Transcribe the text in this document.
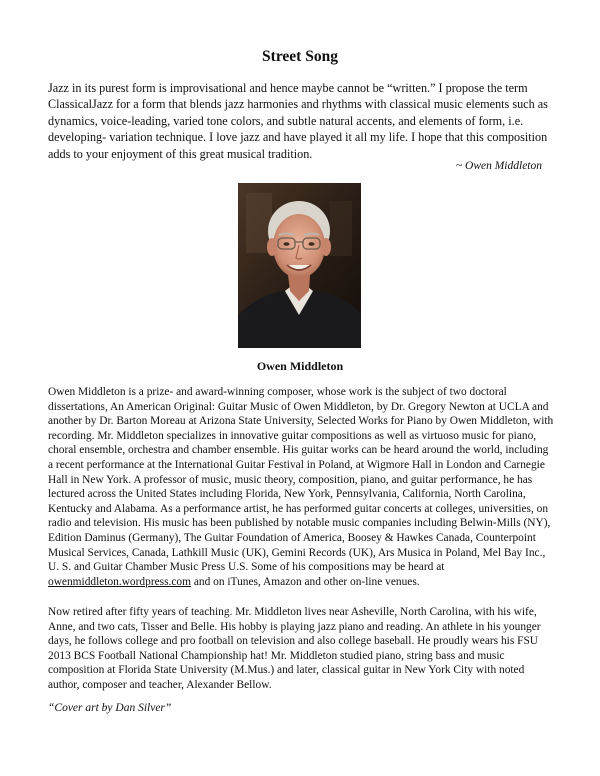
Street Song

Jazz in its purest form is improvisational and hence maybe cannot be “written.” I propose the term ClassicalJazz for a form that blends jazz harmonies and rhythms with classical music elements such as dynamics, voice-leading, varied tone colors, and subtle natural accents, and elements of form, i.e. developing- variation technique. I love jazz and have played it all my life. I hope that this composition adds to your enjoyment of this great musical tradition.

~ Owen Middleton
Owen Middleton

Owen Middleton is a prize- and award-winning composer, whose work is the subject of two doctoral dissertations, An American Original: Guitar Music of Owen Middleton, by Dr. Gregory Newton at UCLA and another by Dr. Barton Moreau at Arizona State University, Selected Works for Piano by Owen Middleton, with recording. Mr. Middleton specializes in innovative guitar compositions as well as virtuoso music for piano, choral ensemble, orchestra and chamber ensemble. His guitar works can be heard around the world, including a recent performance at the International Guitar Festival in Poland, at Wigmore Hall in London and Carnegie Hall in New York. A professor of music, music theory, composition, piano, and guitar performance, he has lectured across the United States including Florida, New York, Pennsylvania, California, North Carolina, Kentucky and Alabama. As a performance artist, he has performed guitar concerts at colleges, universities, on radio and television. His music has been published by notable music companies including Belwin-Mills (NY), Edition Daminus (Germany), The Guitar Foundation of America, Boosey & Hawkes Canada, Counterpoint Musical Services, Canada, Lathkill Music (UK), Gemini Records (UK), Ars Musica in Poland, Mel Bay Inc., U. S. and Guitar Chamber Music Press U.S. Some of his compositions may be heard at owenmiddleton.wordpress.com and on iTunes, Amazon and other on-line venues.

Now retired after fifty years of teaching. Mr. Middleton lives near Asheville, North Carolina, with his wife, Anne, and two cats, Tisser and Belle. His hobby is playing jazz piano and reading. An athlete in his younger days, he follows college and pro football on television and also college baseball. He proudly wears his FSU 2013 BCS Football National Championship hat! Mr. Middleton studied piano, string bass and music composition at Florida State University (M.Mus.) and later, classical guitar in New York City with noted author, composer and teacher, Alexander Bellow.

“Cover art by Dan Silver”
